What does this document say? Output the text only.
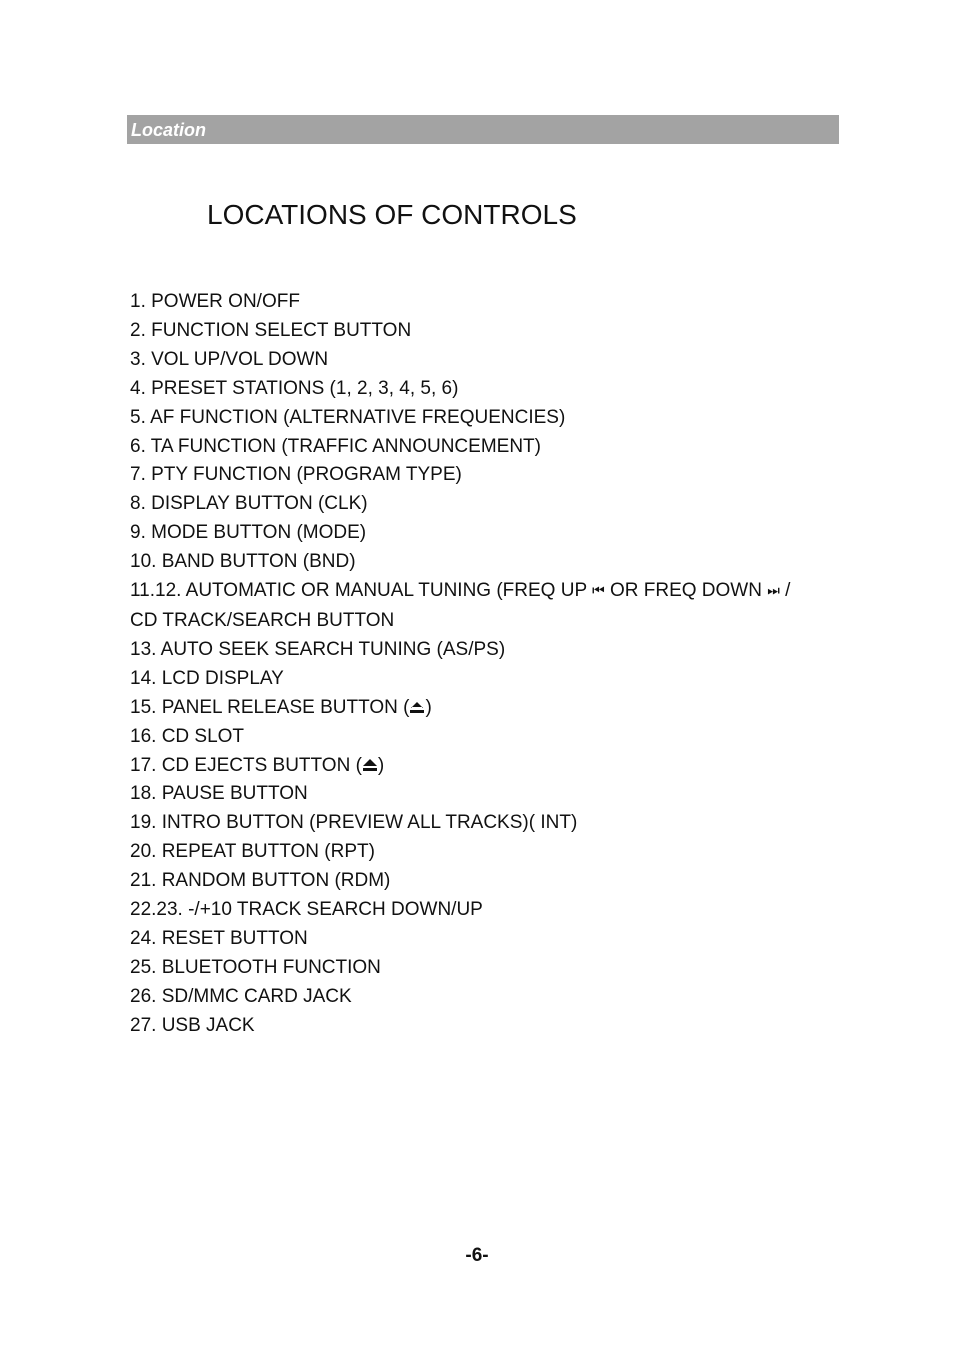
Location
LOCATIONS OF CONTROLS
1. POWER ON/OFF
2. FUNCTION SELECT BUTTON
3. VOL UP/VOL DOWN
4. PRESET STATIONS (1, 2, 3, 4, 5, 6)
5. AF FUNCTION (ALTERNATIVE FREQUENCIES)
6. TA FUNCTION (TRAFFIC ANNOUNCEMENT)
7. PTY FUNCTION (PROGRAM TYPE)
8. DISPLAY BUTTON (CLK)
9. MODE BUTTON (MODE)
10. BAND BUTTON (BND)
11.12. AUTOMATIC OR MANUAL TUNING (FREQ UP ⏮ OR FREQ DOWN ⏭ /
CD TRACK/SEARCH BUTTON
13. AUTO SEEK SEARCH TUNING (AS/PS)
14. LCD DISPLAY
15. PANEL RELEASE BUTTON ( )
16. CD SLOT
17. CD EJECTS BUTTON ( )
18. PAUSE BUTTON
19. INTRO BUTTON (PREVIEW ALL TRACKS)( INT)
20. REPEAT BUTTON (RPT)
21. RANDOM BUTTON (RDM)
22.23. -/+10 TRACK SEARCH DOWN/UP
24. RESET BUTTON
25. BLUETOOTH FUNCTION
26. SD/MMC CARD JACK
27. USB JACK
-6-
